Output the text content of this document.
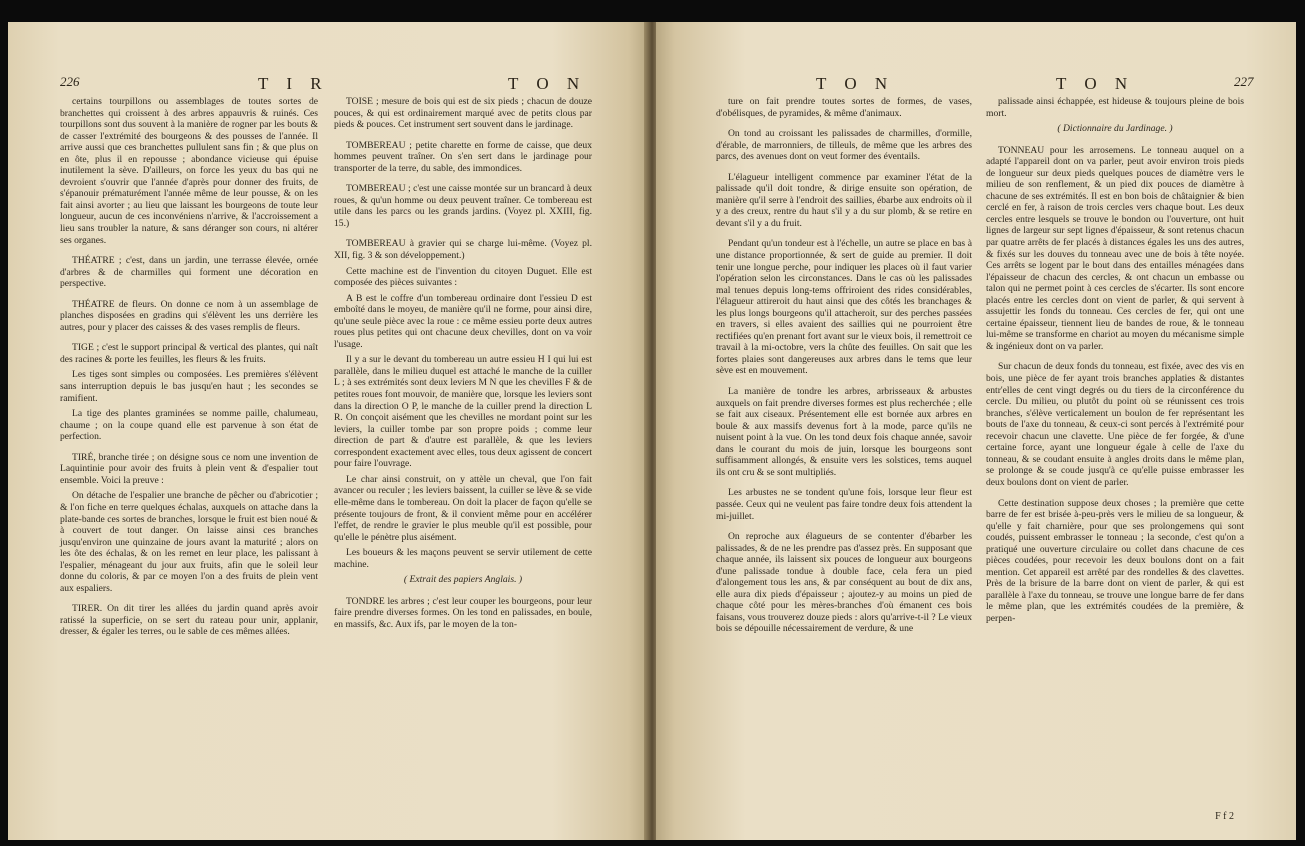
226	T I R	T O N

certains tourpillons ou assemblages de toutes sortes de branchettes qui croissent à des arbres appauvris & ruinés. Ces tourpillons sont dus souvent à la manière de rogner par les bouts & de casser l'extrémité des bourgeons & des pousses de l'année. Il arrive aussi que ces branchettes pullulent sans fin ; & que plus on en ôte, plus il en repousse ; abondance vicieuse qui épuise inutilement la sève. D'ailleurs, on force les yeux du bas qui ne devroient s'ouvrir que l'année d'après pour donner des fruits, de s'épanouir prématurément l'année même de leur pousse, & on les fait ainsi avorter ; au lieu que laissant les bourgeons de toute leur longueur, aucun de ces inconvéniens n'arrive, & l'accroissement a lieu sans troubler la nature, & sans déranger son cours, ni altérer ses organes.

THÉATRE ; c'est, dans un jardin, une terrasse élevée, ornée d'arbres & de charmilles qui forment une décoration en perspective.

THÉATRE de fleurs. On donne ce nom à un assemblage de planches disposées en gradins qui s'élèvent les uns derrière les autres, pour y placer des caisses & des vases remplis de fleurs.

TIGE ; c'est le support principal & vertical des plantes, qui naît des racines & porte les feuilles, les fleurs & les fruits.

Les tiges sont simples ou composées. Les premières s'élèvent sans interruption depuis le bas jusqu'en haut ; les secondes se ramifient.

La tige des plantes graminées se nomme paille, chalumeau, chaume ; on la coupe quand elle est parvenue à son état de perfection.

TIRÉ, branche tirée ; on désigne sous ce nom une invention de Laquintinie pour avoir des fruits à plein vent & d'espalier tout ensemble. Voici la preuve :

On détache de l'espalier une branche de pêcher ou d'abricotier ; & l'on fiche en terre quelques échalas, auxquels on attache dans la plate-bande ces sortes de branches, lorsque le fruit est bien noué & à couvert de tout danger. On laisse ainsi ces branches jusqu'environ une quinzaine de jours avant la maturité ; alors on les ôte des échalas, & on les remet en leur place, les palissant à l'espalier, ménageant du jour aux fruits, afin que le soleil leur donne du coloris, & par ce moyen l'on a des fruits de plein vent aux espaliers.

TIRER. On dit tirer les allées du jardin quand après avoir ratissé la superficie, on se sert du rateau pour unir, applanir, dresser, & égaler les terres, ou le sable de ces mêmes allées.

TOISE ; mesure de bois qui est de six pieds ; chacun de douze pouces, & qui est ordinairement marqué avec de petits clous par pieds & pouces. Cet instrument sert souvent dans le jardinage.

TOMBEREAU ; petite charette en forme de caisse, que deux hommes peuvent traîner. On s'en sert dans le jardinage pour transporter de la terre, du sable, des immondices.

TOMBEREAU ; c'est une caisse montée sur un brancard à deux roues, & qu'un homme ou deux peuvent traîner. Ce tombereau est utile dans les parcs ou les grands jardins. (Voyez pl. XXIII, fig. 15.)

TOMBEREAU à gravier qui se charge lui-même. (Voyez pl. XII, fig. 3 & son développement.)

Cette machine est de l'invention du citoyen Duguet. Elle est composée des pièces suivantes :

A B est le coffre d'un tombereau ordinaire dont l'essieu D est emboîté dans le moyeu, de manière qu'il ne forme, pour ainsi dire, qu'une seule pièce avec la roue : ce même essieu porte deux autres roues plus petites qui ont chacune deux chevilles, dont on va voir l'usage.

Il y a sur le devant du tombereau un autre essieu H I qui lui est parallèle, dans le milieu duquel est attaché le manche de la cuiller L ; à ses extrémités sont deux leviers M N que les chevilles F & de petites roues font mouvoir, de manière que, lorsque les leviers sont dans la direction O P, le manche de la cuiller prend la direction L R. On conçoit aisément que les chevilles ne mordant point sur les leviers, la cuiller tombe par son propre poids ; comme leur direction de part & d'autre est parallèle, & que les leviers correspondent exactement avec elles, tous deux agissent de concert pour faire l'ouvrage.

Le char ainsi construit, on y attèle un cheval, que l'on fait avancer ou reculer ; les leviers baissent, la cuiller se lève & se vide elle-même dans le tombereau. On doit la placer de façon qu'elle se présente toujours de front, & il convient même pour en accélérer l'effet, de rendre le gravier le plus meuble qu'il est possible, pour qu'elle le pénètre plus aisément.

Les boueurs & les maçons peuvent se servir utilement de cette machine.

( Extrait des papiers Anglais. )

TONDRE les arbres ; c'est leur couper les bourgeons, pour leur faire prendre diverses formes. On les tond en palissades, en boule, en massifs, &c. Aux ifs, par le moyen de la ton-

T O N	T O N	227

ture on fait prendre toutes sortes de formes, de vases, d'obélisques, de pyramides, & même d'animaux.

On tond au croissant les palissades de charmilles, d'ormille, d'érable, de marronniers, de tilleuls, de même que les arbres des parcs, des avenues dont on veut former des éventails.

L'élagueur intelligent commence par examiner l'état de la palissade qu'il doit tondre, & dirige ensuite son opération, de manière qu'il serre à l'endroit des saillies, ébarbe aux endroits où il y a des creux, rentre du haut s'il y a du sur plomb, & se retire en devant s'il y a du fruit.

Pendant qu'un tondeur est à l'échelle, un autre se place en bas à une distance proportionnée, & sert de guide au premier. Il doit tenir une longue perche, pour indiquer les places où il faut varier l'opération selon les circonstances. Dans le cas où les palissades mal tenues depuis long-tems offriroient des rides considérables, l'élagueur attireroit du haut ainsi que des côtés les branchages & les plus longs bourgeons qu'il attacheroit, sur des perches passées en travers, si elles avaient des saillies qui ne pourroient être rectifiées qu'en prenant fort avant sur le vieux bois, il remettroit ce travail à la mi-octobre, vers la chûte des feuilles. On sait que les fortes plaies sont dangereuses aux arbres dans le tems que leur sève est en mouvement.

La manière de tondre les arbres, arbrisseaux & arbustes auxquels on fait prendre diverses formes est plus recherchée ; elle se fait aux ciseaux. Présentement elle est bornée aux arbres en boule & aux massifs devenus fort à la mode, parce qu'ils ne nuisent point à la vue. On les tond deux fois chaque année, savoir dans le courant du mois de juin, lorsque les bourgeons sont suffisamment allongés, & ensuite vers les solstices, tems auquel ils ont cru & se sont multipliés.

Les arbustes ne se tondent qu'une fois, lorsque leur fleur est passée. Ceux qui ne veulent pas faire tondre deux fois attendent la mi-juillet.

On reproche aux élagueurs de se contenter d'ébarber les palissades, & de ne les prendre pas d'assez près. En supposant que chaque année, ils laissent six pouces de longueur aux bourgeons d'une palissade tondue à double face, cela fera un pied d'alongement tous les ans, & par conséquent au bout de dix ans, elle aura dix pieds d'épaisseur ; ajoutez-y au moins un pied de chaque côté pour les mères-branches d'où émanent ces bois faisans, vous trouverez douze pieds : alors qu'arrive-t-il ? Le vieux bois se dépouille nécessairement de verdure, & une

palissade ainsi échappée, est hideuse & toujours pleine de bois mort.

( Dictionnaire du Jardinage. )

TONNEAU pour les arrosemens. Le tonneau auquel on a adapté l'appareil dont on va parler, peut avoir environ trois pieds de longueur sur deux pieds quelques pouces de diamètre vers le milieu de son renflement, & un pied dix pouces de diamètre à chacune de ses extrémités. Il est en bon bois de châtaignier & bien cerclé en fer, à raison de trois cercles vers chaque bout. Les deux cercles entre lesquels se trouve le bondon ou l'ouverture, ont huit lignes de largeur sur sept lignes d'épaisseur, & sont retenus chacun par quatre arrêts de fer placés à distances égales les uns des autres, & fixés sur les douves du tonneau avec une de bois à tête noyée. Ces arrêts se logent par le bout dans des entailles ménagées dans l'épaisseur de chacun des cercles, & ont chacun un embasse ou talon qui ne permet point à ces cercles de s'écarter. Ils sont encore placés entre les cercles dont on vient de parler, & qui servent à assujettir les fonds du tonneau. Ces cercles de fer, qui ont une certaine épaisseur, tiennent lieu de bandes de roue, & le tonneau lui-même se transforme en chariot au moyen du mécanisme simple & ingénieux dont on va parler.

Sur chacun de deux fonds du tonneau, est fixée, avec des vis en bois, une pièce de fer ayant trois branches applaties & distantes entr'elles de cent vingt degrés ou du tiers de la circonférence du cercle. Du milieu, ou plutôt du point où se réunissent ces trois branches, s'élève verticalement un boulon de fer représentant les bouts de l'axe du tonneau, & ceux-ci sont percés à l'extrémité pour recevoir chacun une clavette. Une pièce de fer forgée, & d'une certaine force, ayant une longueur égale à celle de l'axe du tonneau, & se coudant ensuite à angles droits dans le même plan, se prolonge & se coude jusqu'à ce qu'elle puisse embrasser les deux boulons dont on vient de parler.

Cette destination suppose deux choses ; la première que cette barre de fer est brisée à-peu-près vers le milieu de sa longueur, & qu'elle y fait charnière, pour que ses prolongemens qui sont coudés, puissent embrasser le tonneau ; la seconde, c'est qu'on a pratiqué une ouverture circulaire ou collet dans chacune de ces pièces coudées, pour recevoir les deux boulons dont on a fait mention. Cet appareil est arrêté par des rondelles & des clavettes. Près de la brisure de la barre dont on vient de parler, & qui est parallèle à l'axe du tonneau, se trouve une longue barre de fer dans le même plan, que les extrémités coudées de la première, & perpen-

F f 2
